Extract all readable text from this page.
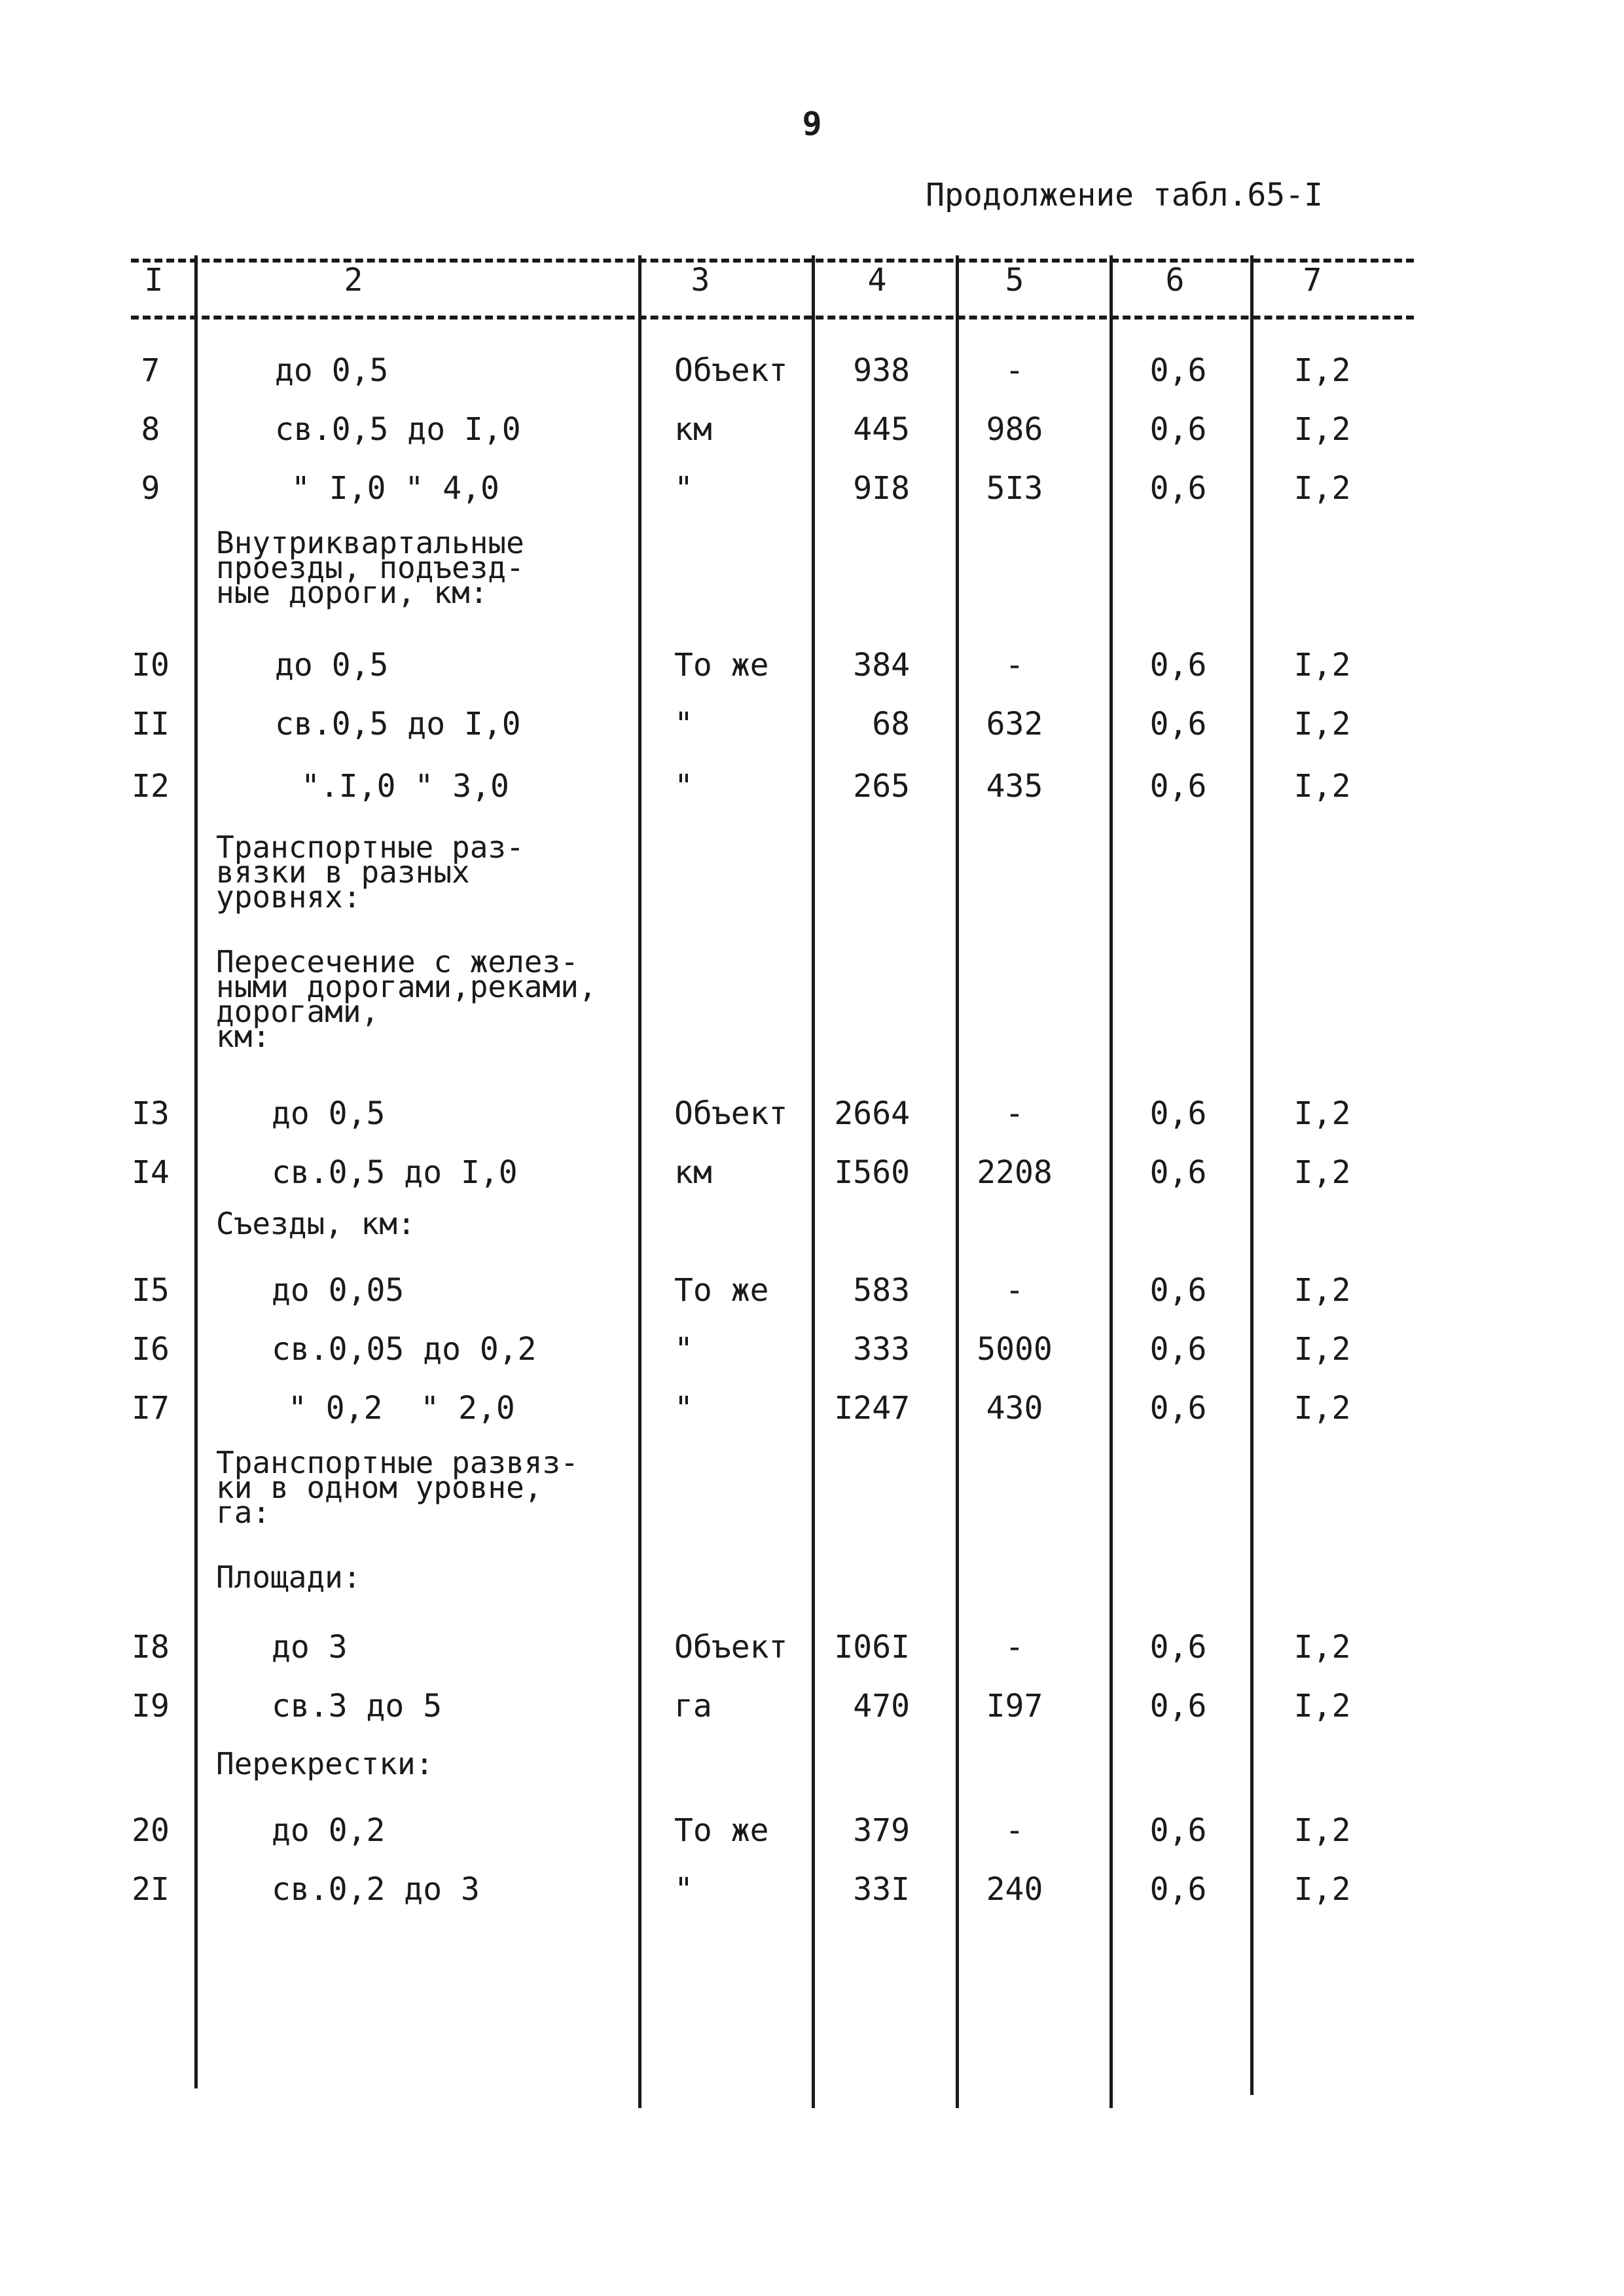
9
Продолжение табл.65-I
I	2	3	4	5	6	7
7	до 0,5	Объект	938	-	0,6	I,2
8	св.0,5 до I,0	км	445	986	0,6	I,2
9	" I,0 " 4,0	"	9I8	5I3	0,6	I,2
Внутриквартальные
проезды, подъезд-
ные дороги, км:
I0	до 0,5	То же	384	-	0,6	I,2
II	св.0,5 до I,0	"	68	632	0,6	I,2
I2	".I,0 " 3,0	"	265	435	0,6	I,2
Транспортные раз-
вязки в разных
уровнях:
Пересечение с желез-
ными дорогами,реками,
дорогами,
км:
I3	до 0,5	Объект	2664	-	0,6	I,2
I4	св.0,5 до I,0	км	I560	2208	0,6	I,2
Съезды, км:
I5	до 0,05	То же	583	-	0,6	I,2
I6	св.0,05 до 0,2	"	333	5000	0,6	I,2
I7	" 0,2  " 2,0	"	I247	430	0,6	I,2
Транспортные развяз-
ки в одном уровне,
га:
Площади:
I8	до 3	Объект	I06I	-	0,6	I,2
I9	св.3 до 5	га	470	I97	0,6	I,2
Перекрестки:
20	до 0,2	То же	379	-	0,6	I,2
2I	св.0,2 до 3	"	33I	240	0,6	I,2
